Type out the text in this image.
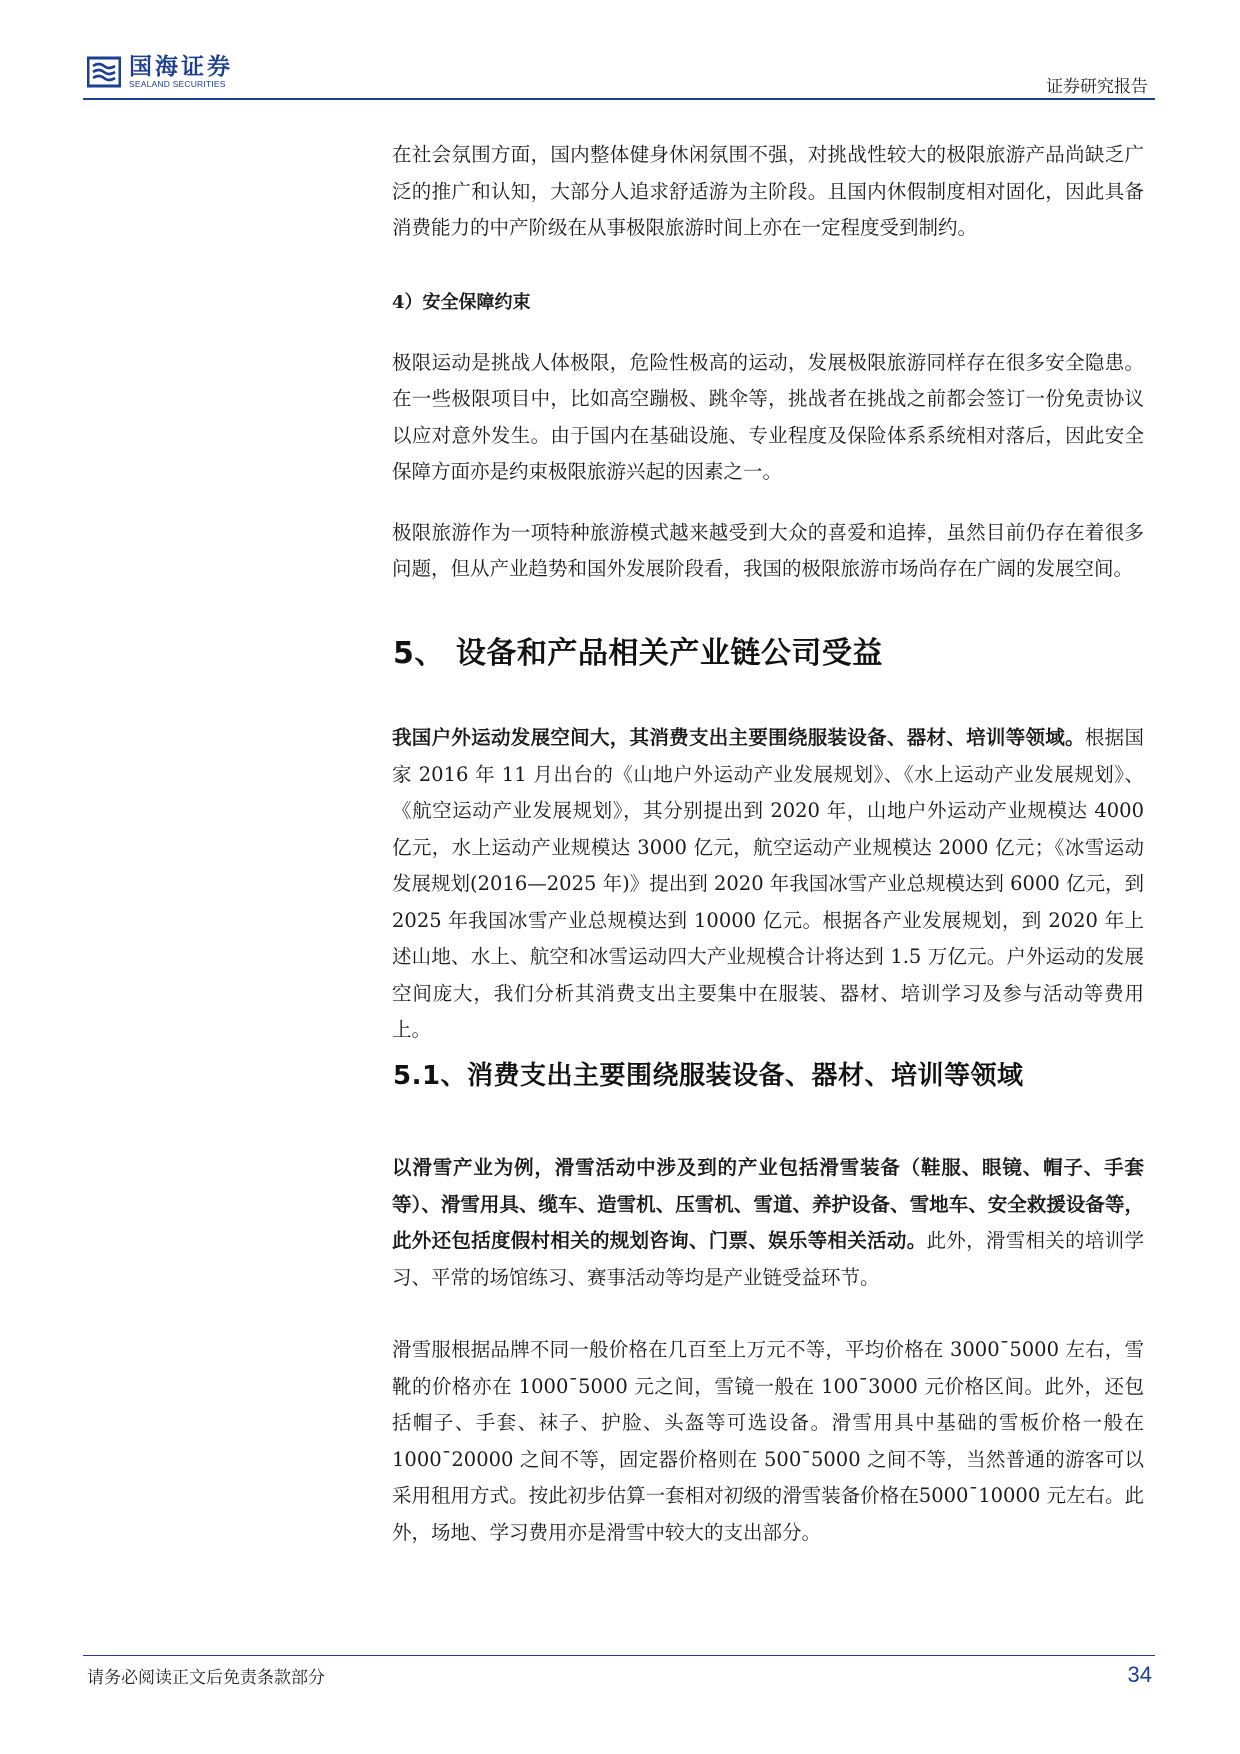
国海证券
SEALAND SECURITIES	证券研究报告

在社会氛围方面，国内整体健身休闲氛围不强，对挑战性较大的极限旅游产品尚缺乏广泛的推广和认知，大部分人追求舒适游为主阶段。且国内休假制度相对固化，因此具备消费能力的中产阶级在从事极限旅游时间上亦在一定程度受到制约。

4）安全保障约束

极限运动是挑战人体极限，危险性极高的运动，发展极限旅游同样存在很多安全隐患。在一些极限项目中，比如高空蹦极、跳伞等，挑战者在挑战之前都会签订一份免责协议以应对意外发生。由于国内在基础设施、专业程度及保险体系系统相对落后，因此安全保障方面亦是约束极限旅游兴起的因素之一。

极限旅游作为一项特种旅游模式越来越受到大众的喜爱和追捧，虽然目前仍存在着很多问题，但从产业趋势和国外发展阶段看，我国的极限旅游市场尚存在广阔的发展空间。

5、 设备和产品相关产业链公司受益

我国户外运动发展空间大，其消费支出主要围绕服装设备、器材、培训等领域。根据国家 2016 年 11 月出台的《山地户外运动产业发展规划》、《水上运动产业发展规划》、《航空运动产业发展规划》，其分别提出到 2020 年，山地户外运动产业规模达 4000 亿元，水上运动产业规模达 3000 亿元，航空运动产业规模达 2000 亿元；《冰雪运动发展规划(2016—2025 年)》提出到 2020 年我国冰雪产业总规模达到 6000 亿元，到 2025 年我国冰雪产业总规模达到 10000 亿元。根据各产业发展规划，到 2020 年上述山地、水上、航空和冰雪运动四大产业规模合计将达到 1.5 万亿元。户外运动的发展空间庞大，我们分析其消费支出主要集中在服装、器材、培训学习及参与活动等费用上。

5.1、消费支出主要围绕服装设备、器材、培训等领域

以滑雪产业为例，滑雪活动中涉及到的产业包括滑雪装备（鞋服、眼镜、帽子、手套等）、滑雪用具、缆车、造雪机、压雪机、雪道、养护设备、雪地车、安全救援设备等，此外还包括度假村相关的规划咨询、门票、娱乐等相关活动。此外，滑雪相关的培训学习、平常的场馆练习、赛事活动等均是产业链受益环节。

滑雪服根据品牌不同一般价格在几百至上万元不等，平均价格在 3000¯5000 左右，雪靴的价格亦在 1000¯5000 元之间，雪镜一般在 100¯3000 元价格区间。此外，还包括帽子、手套、袜子、护脸、头盔等可选设备。滑雪用具中基础的雪板价格一般在 1000¯20000 之间不等，固定器价格则在 500¯5000 之间不等，当然普通的游客可以采用租用方式。按此初步估算一套相对初级的滑雪装备价格在5000¯10000 元左右。此外，场地、学习费用亦是滑雪中较大的支出部分。

请务必阅读正文后免责条款部分	34
